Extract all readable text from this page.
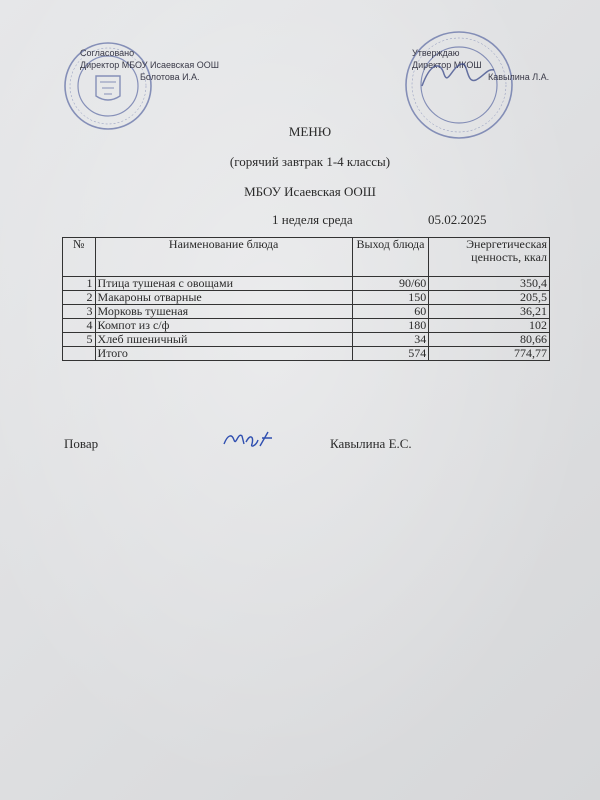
Согласовано
Директор МБОУ Исаевская ООШ
Болотова И.А.
Утверждаю
Директор МКОШ
Кавылина Л.А.
МЕНЮ
(горячий завтрак 1-4 классы)
МБОУ Исаевская ООШ
1 неделя среда	05.02.2025
№	Наименование блюда	Выход блюда	Энергетическая ценность, ккал
1	Птица тушеная с овощами	90/60	350,4
2	Макароны отварные	150	205,5
3	Морковь тушеная	60	36,21
4	Компот из с/ф	180	102
5	Хлеб пшеничный	34	80,66
	Итого	574	774,77
Повар	Кавылина Е.С.
